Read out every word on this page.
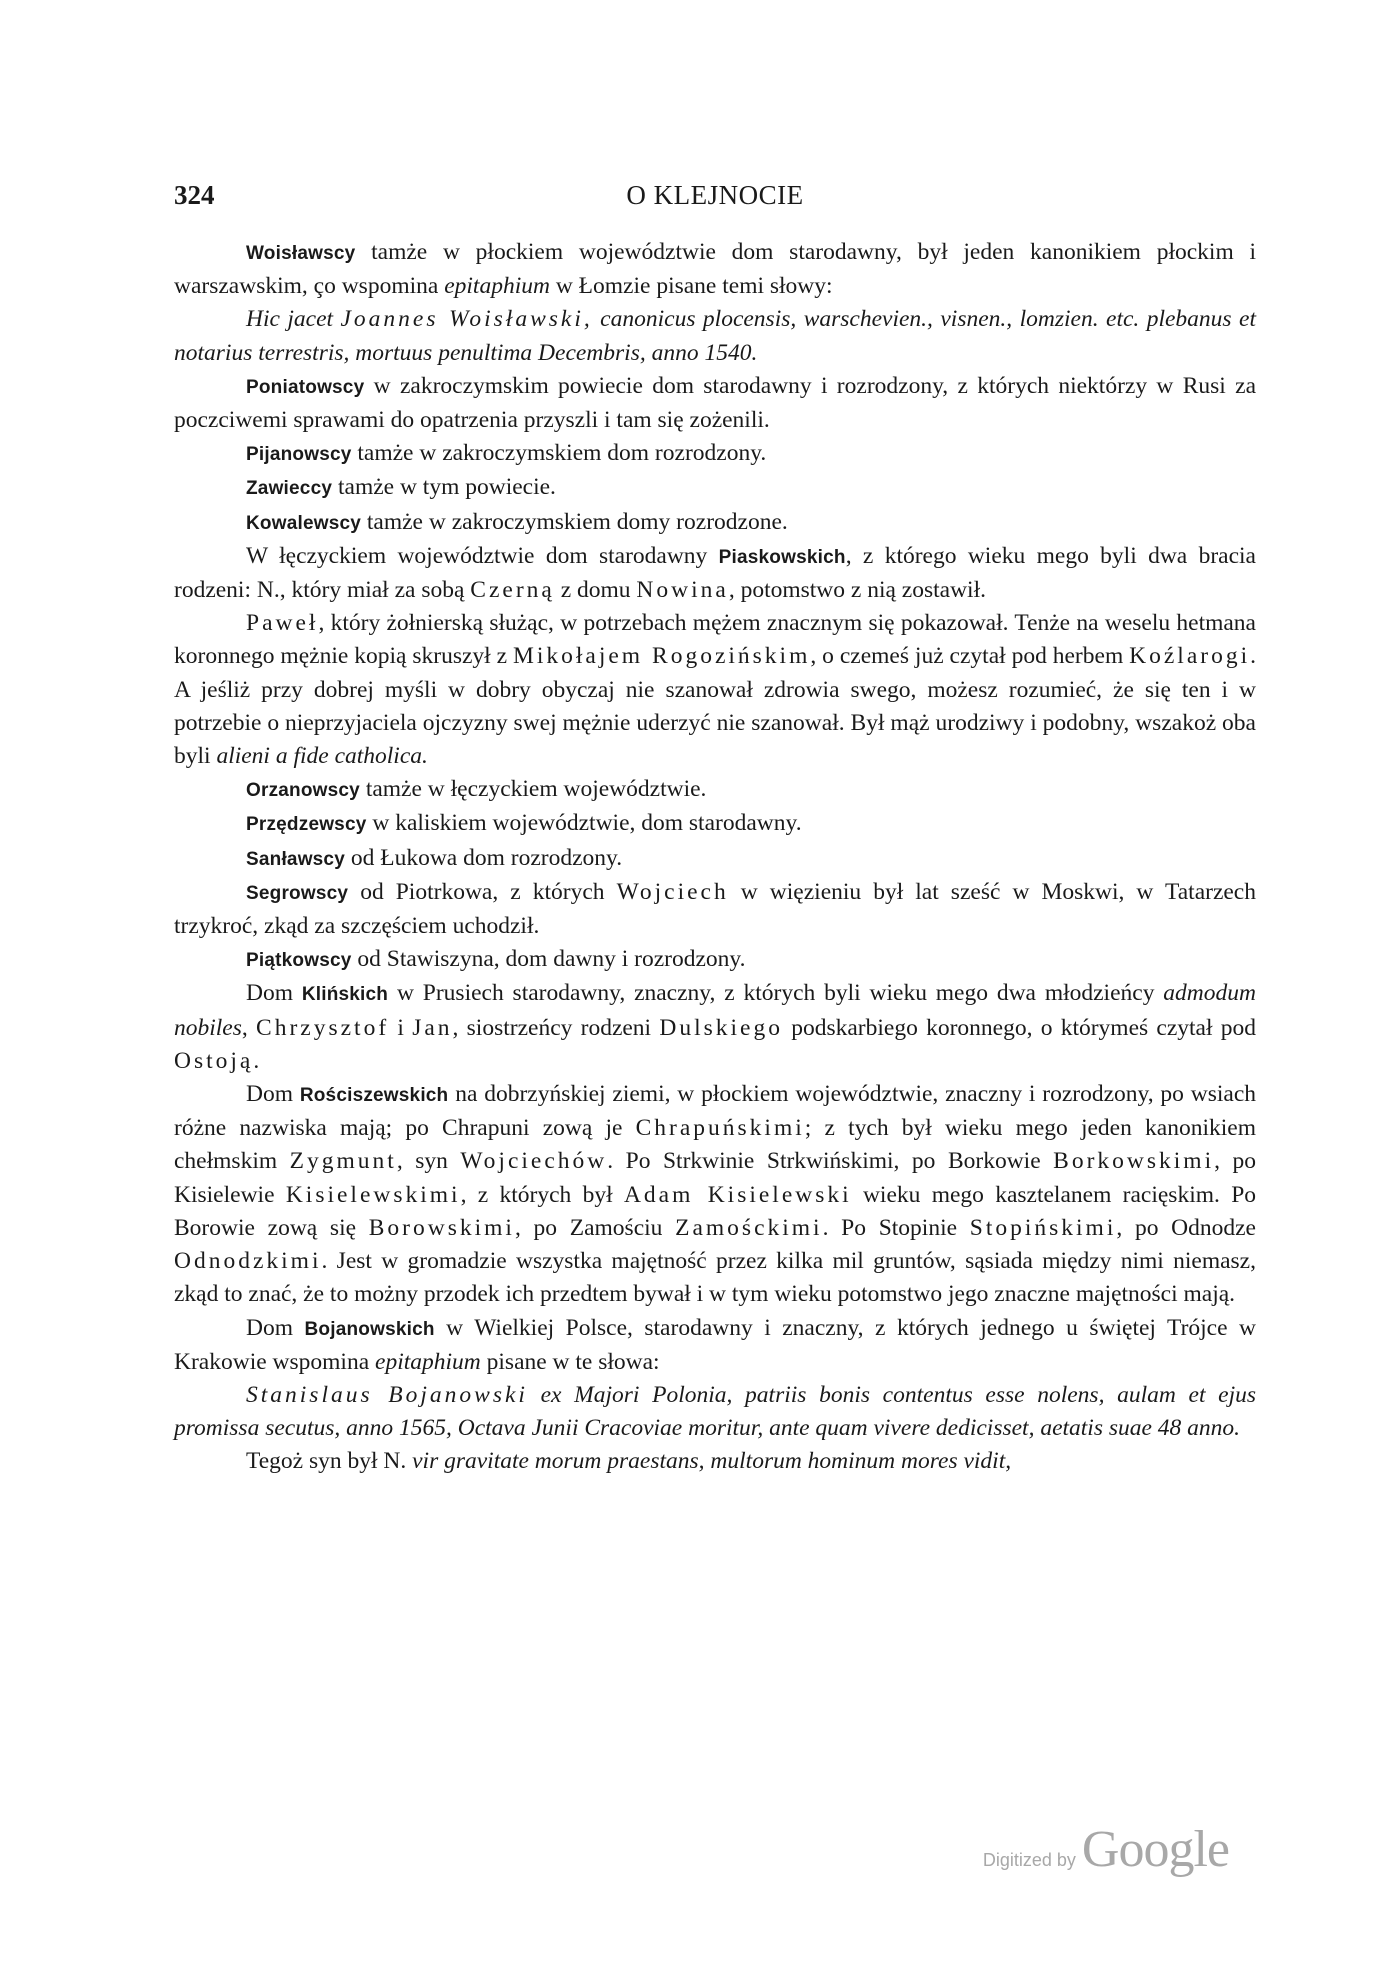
324	O KLEJNOCIE

Woisławscy tamże w płockiem województwie dom starodawny, był jeden kanonikiem płockim i warszawskim, ço wspomina epitaphium w Łomzie pisane temi słowy:

Hic jacet Joannes Woisławski, canonicus plocensis, warschevien., visnen., lomzien. etc. plebanus et notarius terrestris, mortuus penultima Decembris, anno 1540.

Poniatowscy w zakroczymskim powiecie dom starodawny i rozrodzony, z których niektórzy w Rusi za poczciwemi sprawami do opatrzenia przyszli i tam się zożenili.

Pijanowscy tamże w zakroczymskiem dom rozrodzony.

Zawieccy tamże w tym powiecie.

Kowalewscy tamże w zakroczymskiem domy rozrodzone.

W łęczyckiem województwie dom starodawny Piaskowskich, z którego wieku mego byli dwa bracia rodzeni: N., który miał za sobą Czerną z domu Nowina, potomstwo z nią zostawił.

Paweł, który żołnierską służąc, w potrzebach mężem znacznym się pokazował. Tenże na weselu hetmana koronnego mężnie kopią skruszył z Mikołajem Rogozińskim, o czemeś już czytał pod herbem Koźlarogi. A jeśliż przy dobrej myśli w dobry obyczaj nie szanował zdrowia swego, możesz rozumieć, że się ten i w potrzebie o nieprzyjaciela ojczyzny swej mężnie uderzyć nie szanował. Był mąż urodziwy i podobny, wszakoż oba byli alieni a fide catholica.

Orzanowscy tamże w łęczyckiem województwie.

Przędzewscy w kaliskiem województwie, dom starodawny.

Sanławscy od Łukowa dom rozrodzony.

Segrowscy od Piotrkowa, z których Wojciech w więzieniu był lat sześć w Moskwi, w Tatarzech trzykroć, zkąd za szczęściem uchodził.

Piątkowscy od Stawiszyna, dom dawny i rozrodzony.

Dom Klińskich w Prusiech starodawny, znaczny, z których byli wieku mego dwa młodzieńcy admodum nobiles, Chrzysztof i Jan, siostrzeńcy rodzeni Dulskiego podskarbiego koronnego, o którymeś czytał pod Ostoją.

Dom Rościszewskich na dobrzyńskiej ziemi, w płockiem województwie, znaczny i rozrodzony, po wsiach różne nazwiska mają; po Chrapuni zową je Chrapuńskimi; z tych był wieku mego jeden kanonikiem chełmskim Zygmunt, syn Wojciechów. Po Strkwinie Strkwińskimi, po Borkowie Borkowskimi, po Kisielewie Kisielewskimi, z których był Adam Kisielewski wieku mego kasztelanem racięskim. Po Borowie zową się Borowskimi, po Zamościu Zamośckimi. Po Stopinie Stopińskimi, po Odnodze Odnodzkimi. Jest w gromadzie wszystka majętność przez kilka mil gruntów, sąsiada między nimi niemasz, zkąd to znać, że to możny przodek ich przedtem bywał i w tym wieku potomstwo jego znaczne majętności mają.

Dom Bojanowskich w Wielkiej Polsce, starodawny i znaczny, z których jednego u świętej Trójce w Krakowie wspomina epitaphium pisane w te słowa:

Stanislaus Bojanowski ex Majori Polonia, patriis bonis contentus esse nolens, aulam et ejus promissa secutus, anno 1565, Octava Junii Cracoviae moritur, ante quam vivere dedicisset, aetatis suae 48 anno.

Tegoż syn był N. vir gravitate morum praestans, multorum hominum mores vidit,

Digitized by Google
